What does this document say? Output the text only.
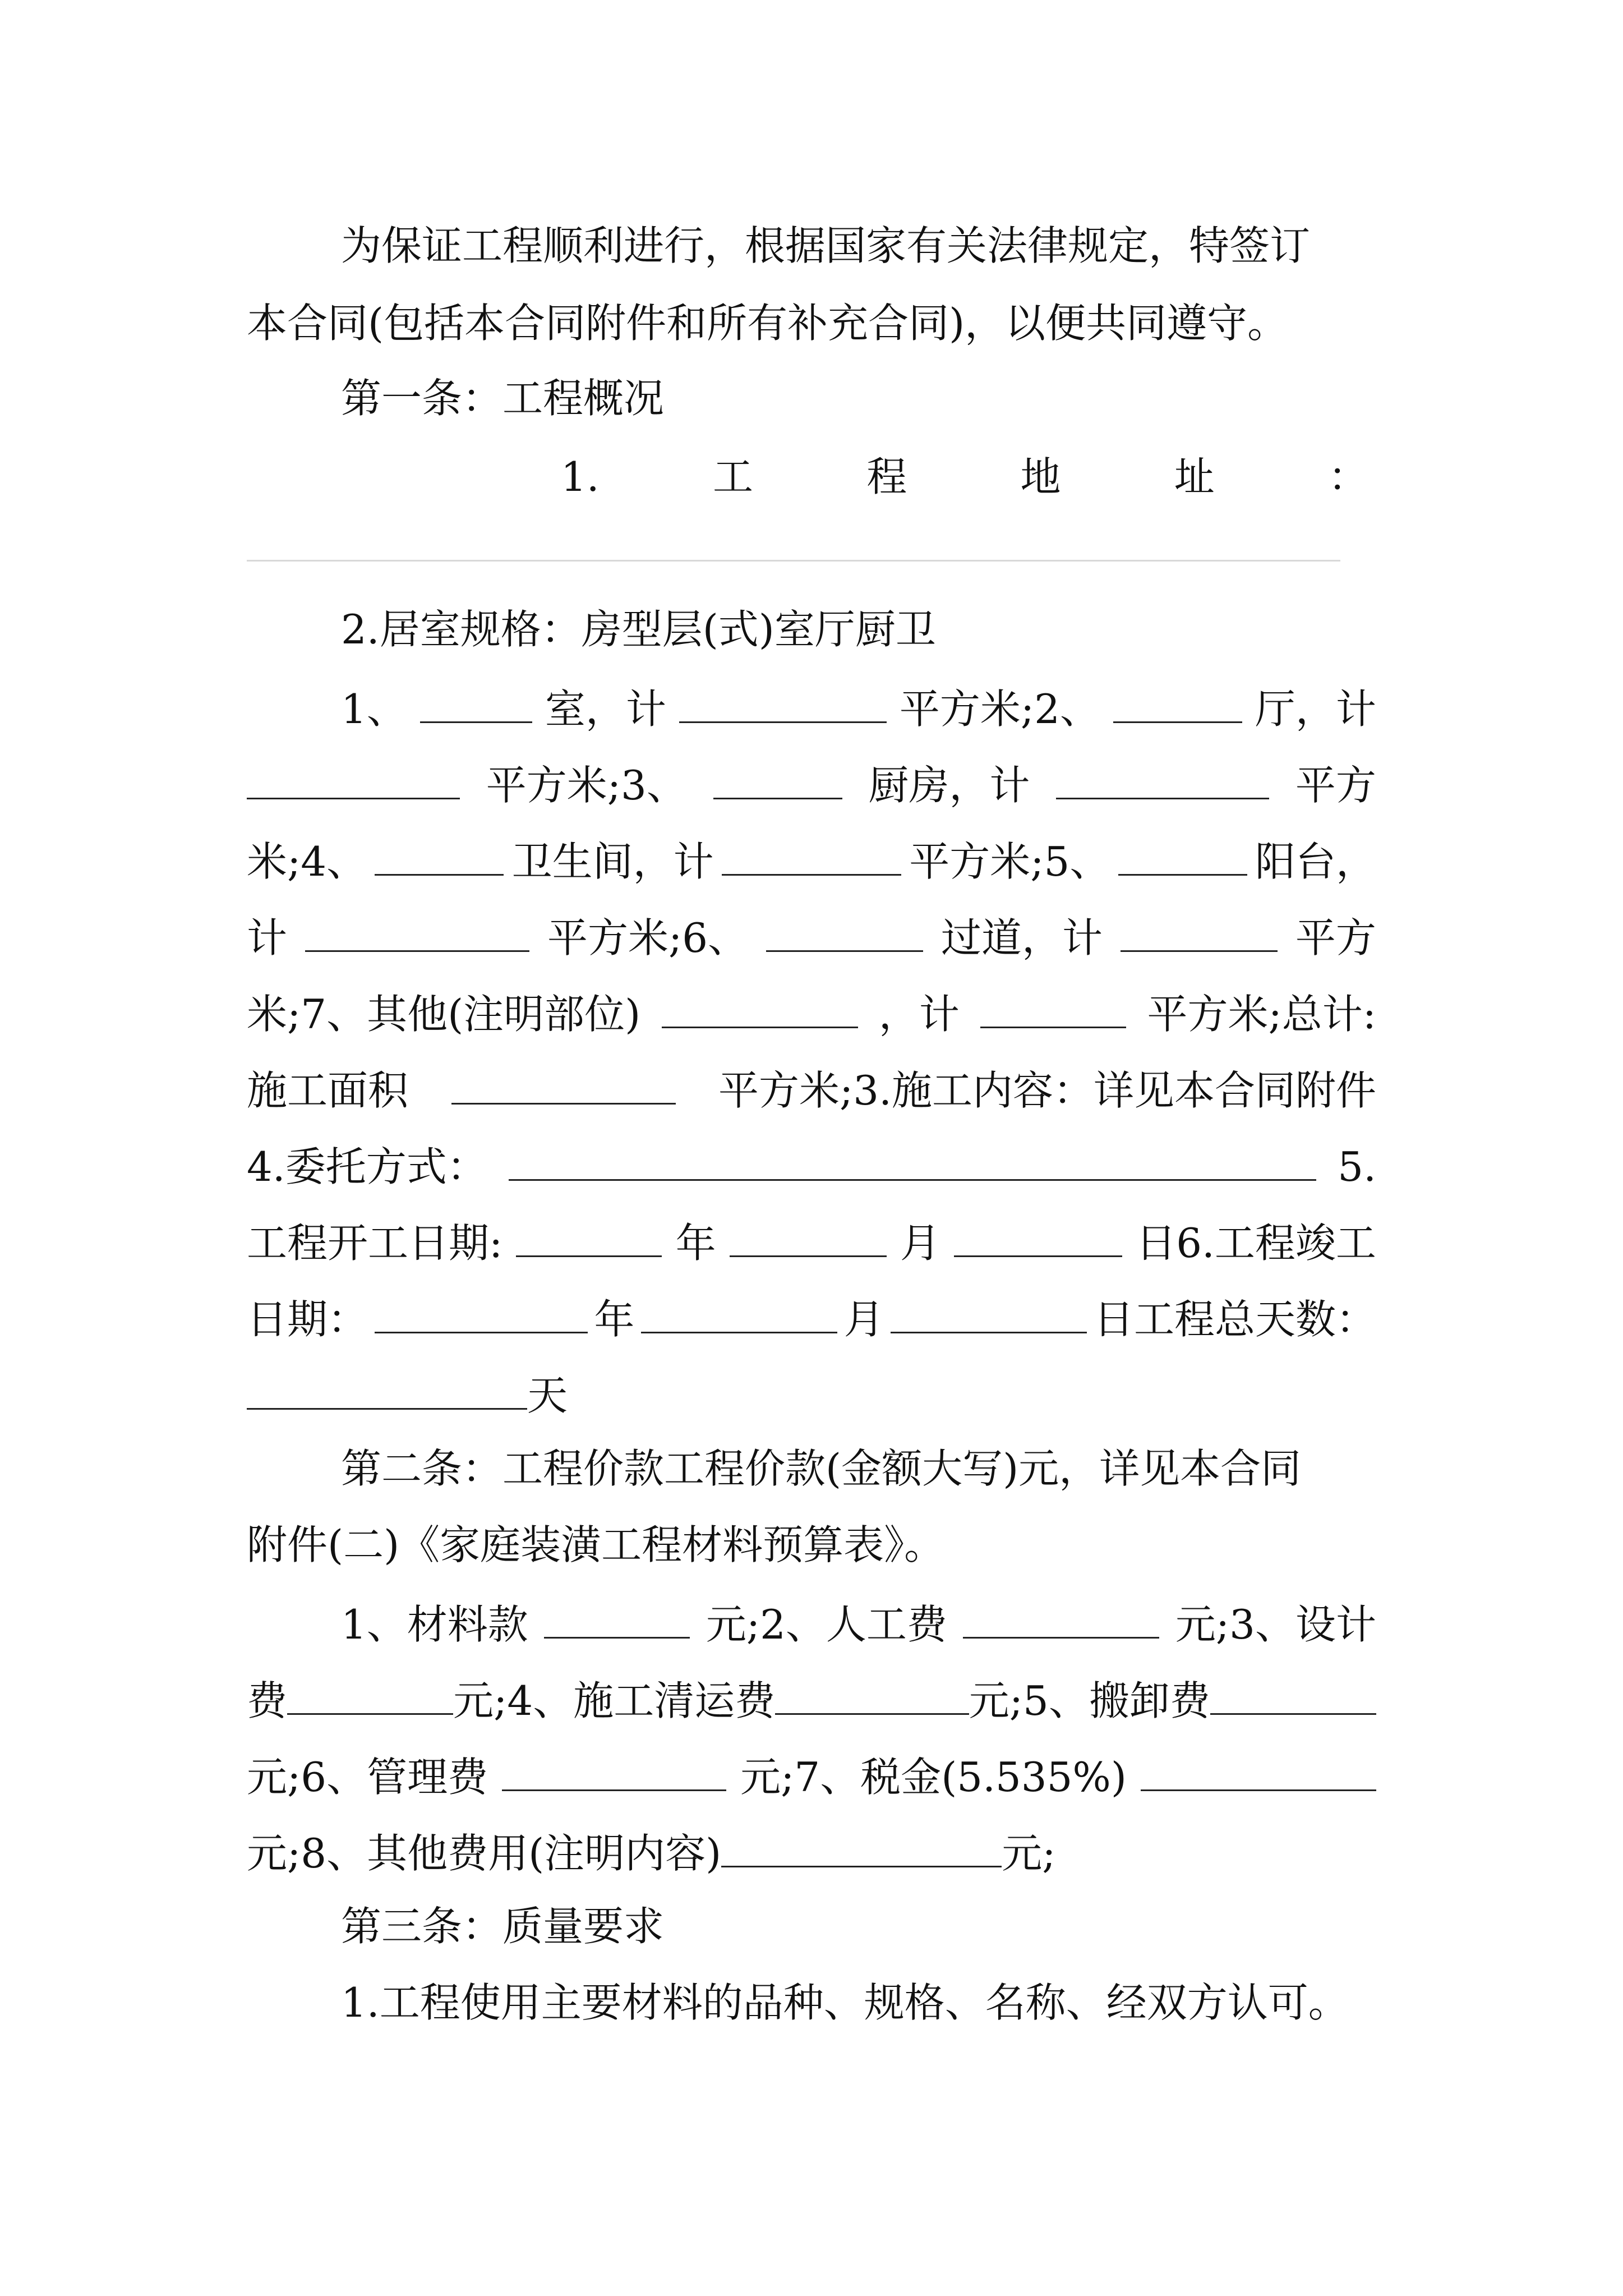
为保证工程顺利进行，根据国家有关法律规定，特签订
本合同(包括本合同附件和所有补充合同)，以便共同遵守。
第一条：工程概况
1.	工	程	地	址	：
2.居室规格：房型层(式)室厅厨卫
1、	室，计	平方米;2、	厅，计
平方米;3、	厨房，计	平方
米;4、	卫生间，计	平方米;5、	阳台，
计	平方米;6、	过道，计	平方
米;7、其他(注明部位)	，计	平方米;总计:
施工面积	平方米;3.施工内容：详见本合同附件
4.委托方式：	5.
工程开工日期:	年	月	日6.工程竣工
日期：	年	月	日工程总天数：
天
第二条：工程价款工程价款(金额大写)元，详见本合同
附件(二)《家庭装潢工程材料预算表》。
1、材料款	元;2、人工费	元;3、设计
费	元;4、施工清运费	元;5、搬卸费
元;6、管理费	元;7、税金(5.535%)
元;8、其他费用(注明内容)	元;
第三条：质量要求
1.工程使用主要材料的品种、规格、名称、经双方认可。
